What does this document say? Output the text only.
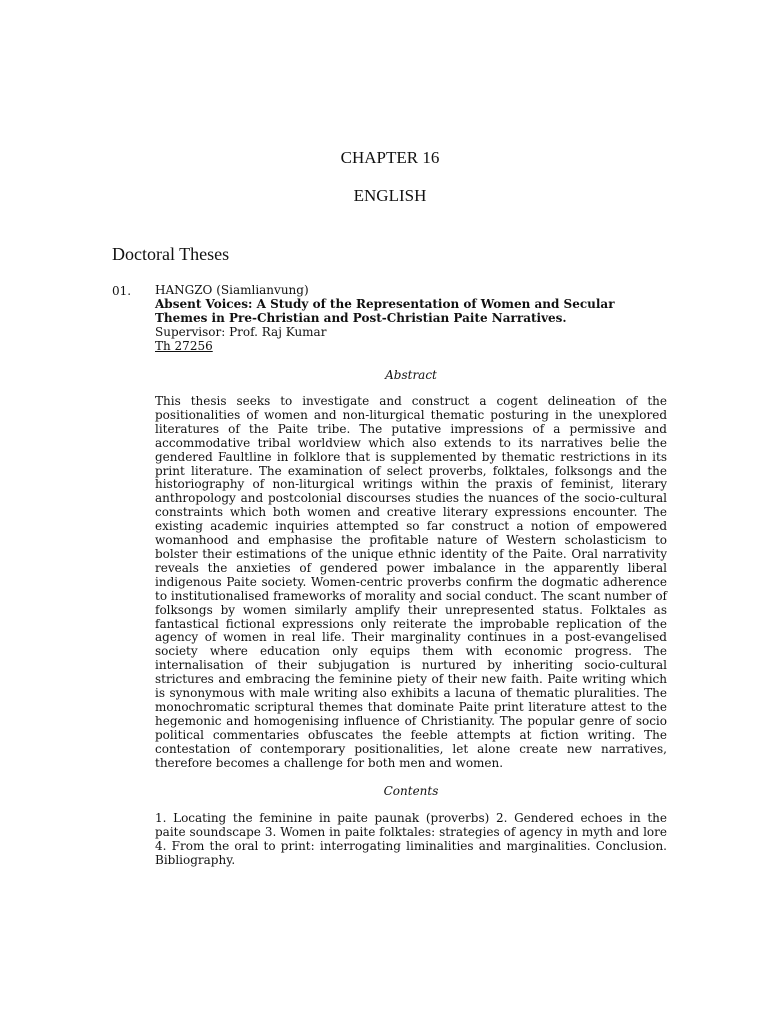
CHAPTER 16
ENGLISH
Doctoral Theses
01. HANGZO (Siamlianvung)
Absent Voices: A Study of the Representation of Women and Secular Themes in Pre-Christian and Post-Christian Paite Narratives.
Supervisor: Prof. Raj Kumar
Th 27256
Abstract
This thesis seeks to investigate and construct a cogent delineation of the positionalities of women and non-liturgical thematic posturing in the unexplored literatures of the Paite tribe. The putative impressions of a permissive and accommodative tribal worldview which also extends to its narratives belie the gendered Faultline in folklore that is supplemented by thematic restrictions in its print literature. The examination of select proverbs, folktales, folksongs and the historiography of non-liturgical writings within the praxis of feminist, literary anthropology and postcolonial discourses studies the nuances of the socio-cultural constraints which both women and creative literary expressions encounter. The existing academic inquiries attempted so far construct a notion of empowered womanhood and emphasise the profitable nature of Western scholasticism to bolster their estimations of the unique ethnic identity of the Paite. Oral narrativity reveals the anxieties of gendered power imbalance in the apparently liberal indigenous Paite society. Women-centric proverbs confirm the dogmatic adherence to institutionalised frameworks of morality and social conduct. The scant number of folksongs by women similarly amplify their unrepresented status. Folktales as fantastical fictional expressions only reiterate the improbable replication of the agency of women in real life. Their marginality continues in a post-evangelised society where education only equips them with economic progress. The internalisation of their subjugation is nurtured by inheriting socio-cultural strictures and embracing the feminine piety of their new faith. Paite writing which is synonymous with male writing also exhibits a lacuna of thematic pluralities. The monochromatic scriptural themes that dominate Paite print literature attest to the hegemonic and homogenising influence of Christianity. The popular genre of socio political commentaries obfuscates the feeble attempts at fiction writing. The contestation of contemporary positionalities, let alone create new narratives, therefore becomes a challenge for both men and women.
Contents
1. Locating the feminine in paite paunak (proverbs) 2. Gendered echoes in the paite soundscape 3. Women in paite folktales: strategies of agency in myth and lore 4. From the oral to print: interrogating liminalities and marginalities. Conclusion. Bibliography.
